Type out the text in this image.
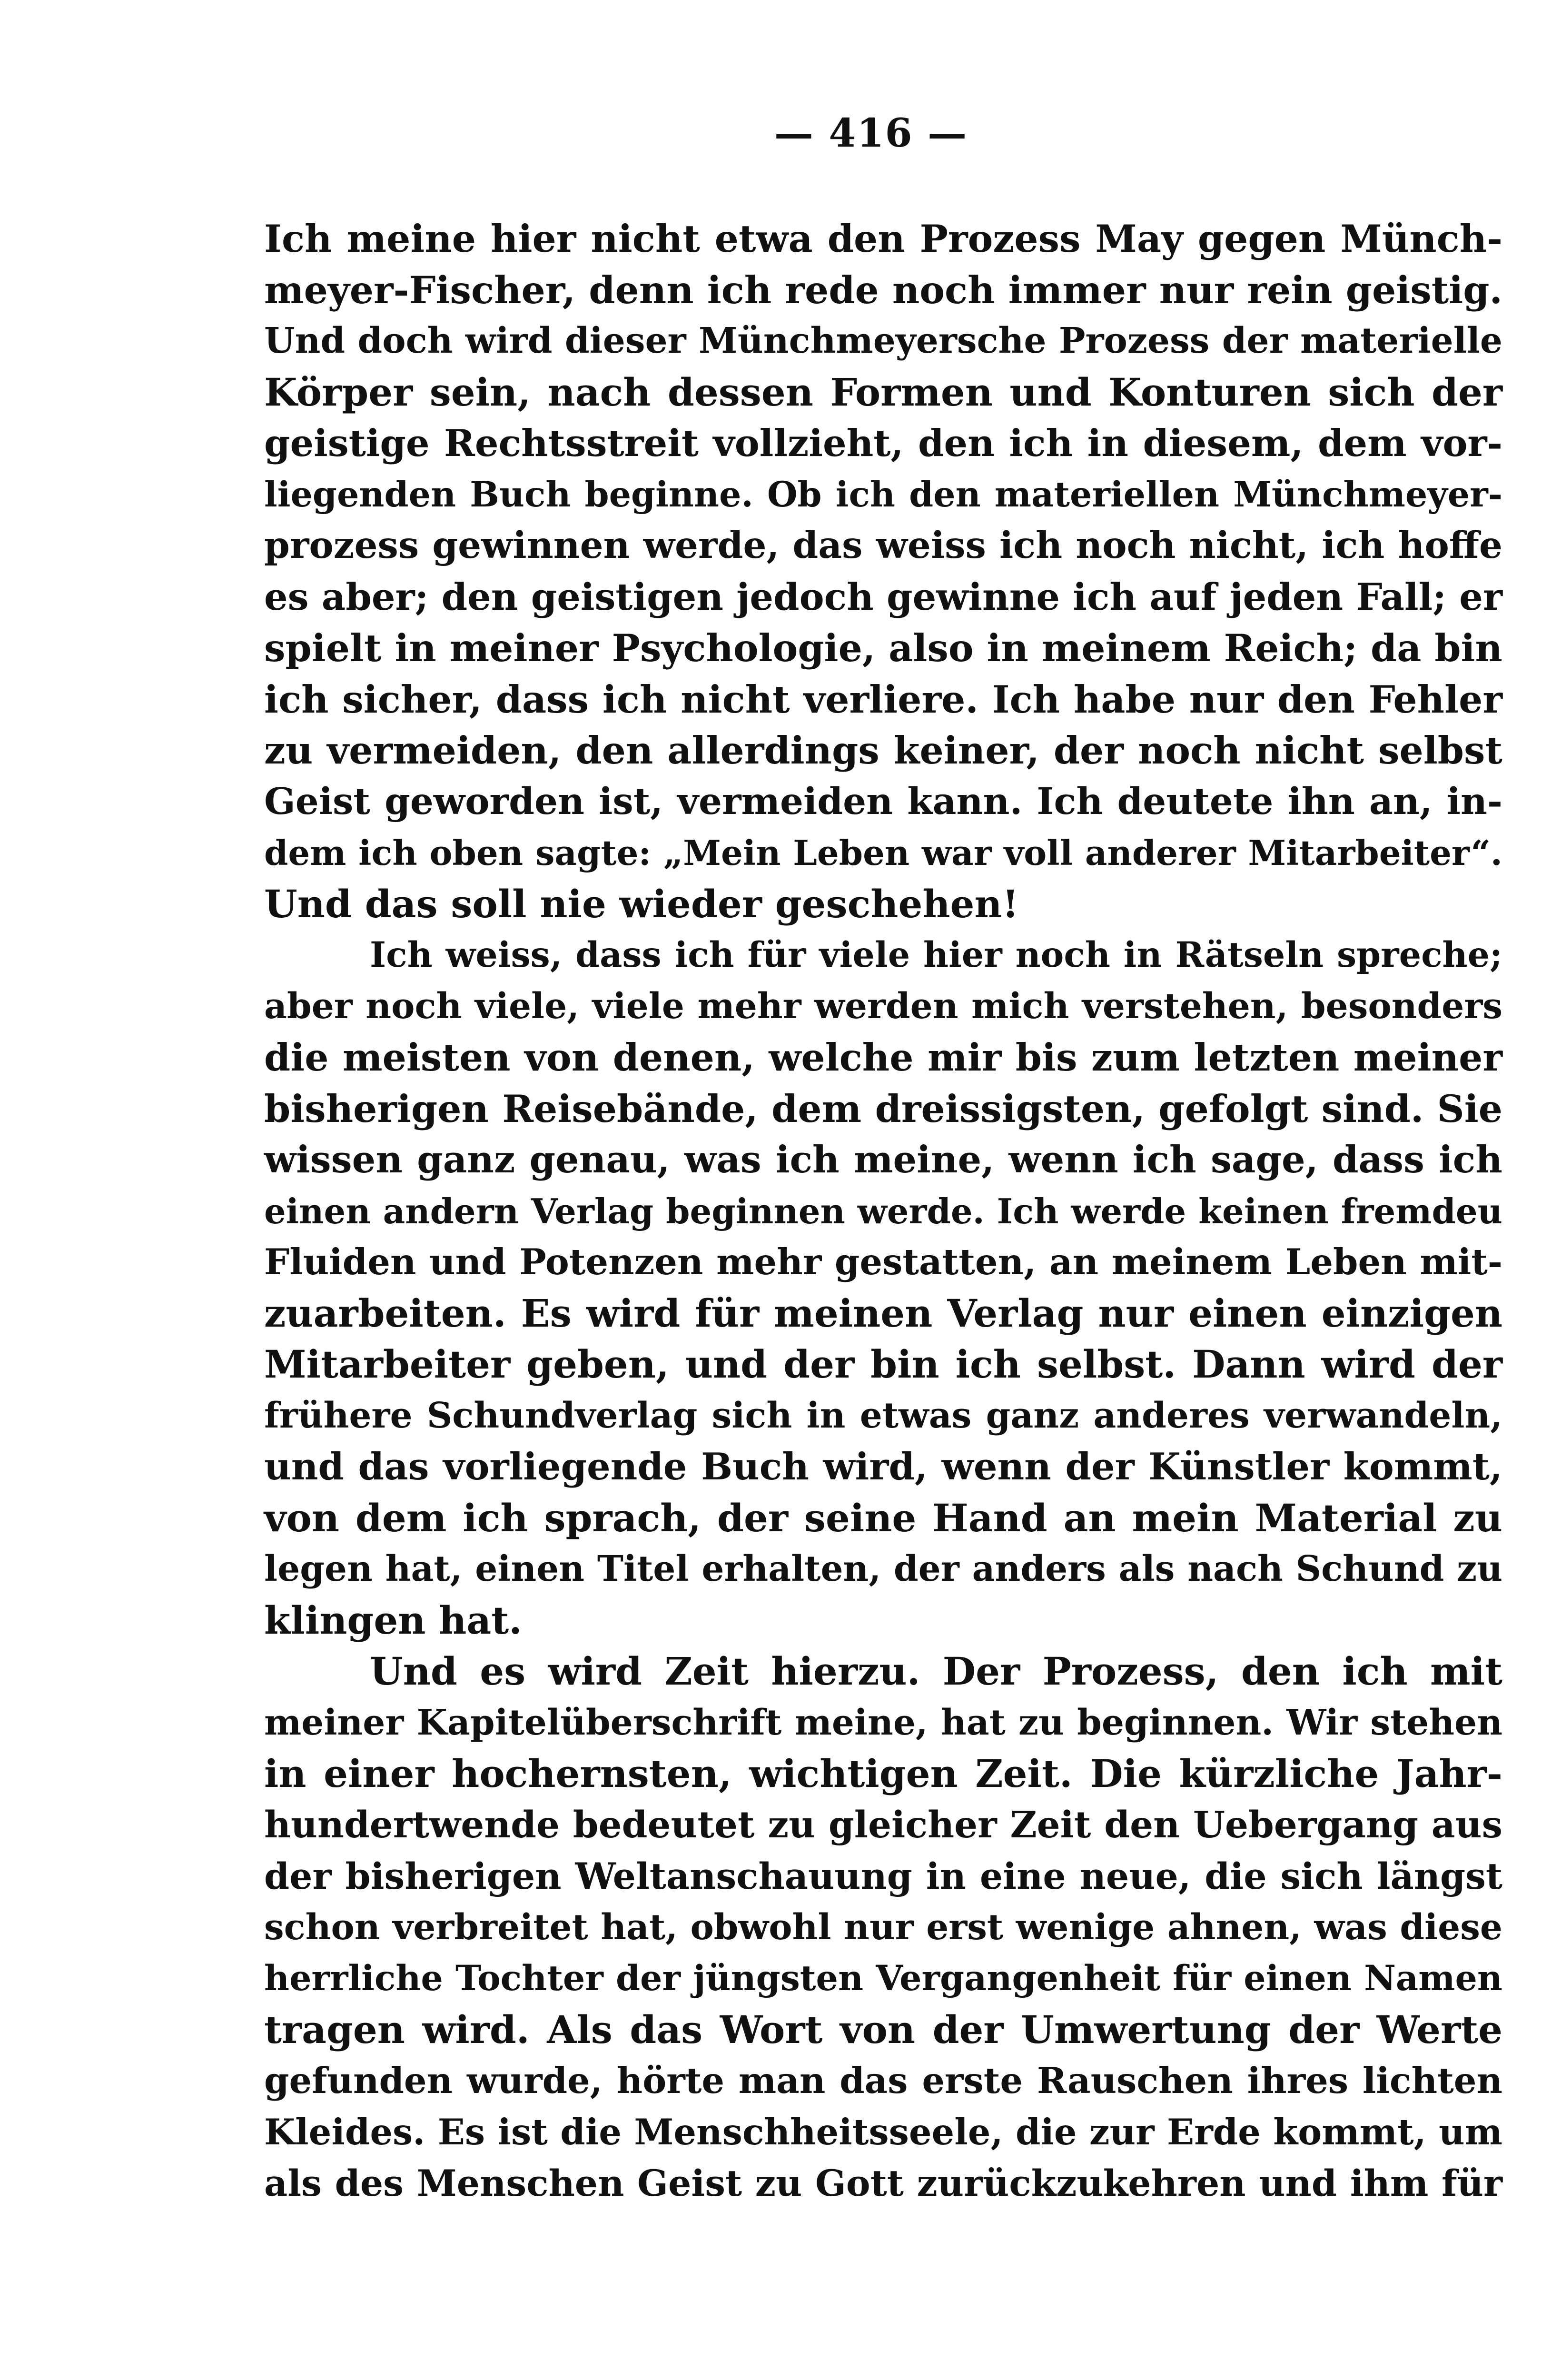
— 416 —
Ich meine hier nicht etwa den Prozess May gegen Münch-
meyer-Fischer, denn ich rede noch immer nur rein geistig.
Und doch wird dieser Münchmeyersche Prozess der materielle
Körper sein, nach dessen Formen und Konturen sich der
geistige Rechtsstreit vollzieht, den ich in diesem, dem vor-
liegenden Buch beginne. Ob ich den materiellen Münchmeyer-
prozess gewinnen werde, das weiss ich noch nicht, ich hoffe
es aber; den geistigen jedoch gewinne ich auf jeden Fall; er
spielt in meiner Psychologie, also in meinem Reich; da bin
ich sicher, dass ich nicht verliere. Ich habe nur den Fehler
zu vermeiden, den allerdings keiner, der noch nicht selbst
Geist geworden ist, vermeiden kann. Ich deutete ihn an, in-
dem ich oben sagte: „Mein Leben war voll anderer Mitarbeiter“.
Und das soll nie wieder geschehen!
Ich weiss, dass ich für viele hier noch in Rätseln spreche;
aber noch viele, viele mehr werden mich verstehen, besonders
die meisten von denen, welche mir bis zum letzten meiner
bisherigen Reisebände, dem dreissigsten, gefolgt sind. Sie
wissen ganz genau, was ich meine, wenn ich sage, dass ich
einen andern Verlag beginnen werde. Ich werde keinen fremdeu
Fluiden und Potenzen mehr gestatten, an meinem Leben mit-
zuarbeiten. Es wird für meinen Verlag nur einen einzigen
Mitarbeiter geben, und der bin ich selbst. Dann wird der
frühere Schundverlag sich in etwas ganz anderes verwandeln,
und das vorliegende Buch wird, wenn der Künstler kommt,
von dem ich sprach, der seine Hand an mein Material zu
legen hat, einen Titel erhalten, der anders als nach Schund zu
klingen hat.
Und es wird Zeit hierzu. Der Prozess, den ich mit
meiner Kapitelüberschrift meine, hat zu beginnen. Wir stehen
in einer hochernsten, wichtigen Zeit. Die kürzliche Jahr-
hundertwende bedeutet zu gleicher Zeit den Uebergang aus
der bisherigen Weltanschauung in eine neue, die sich längst
schon verbreitet hat, obwohl nur erst wenige ahnen, was diese
herrliche Tochter der jüngsten Vergangenheit für einen Namen
tragen wird. Als das Wort von der Umwertung der Werte
gefunden wurde, hörte man das erste Rauschen ihres lichten
Kleides. Es ist die Menschheitsseele, die zur Erde kommt, um
als des Menschen Geist zu Gott zurückzukehren und ihm für
